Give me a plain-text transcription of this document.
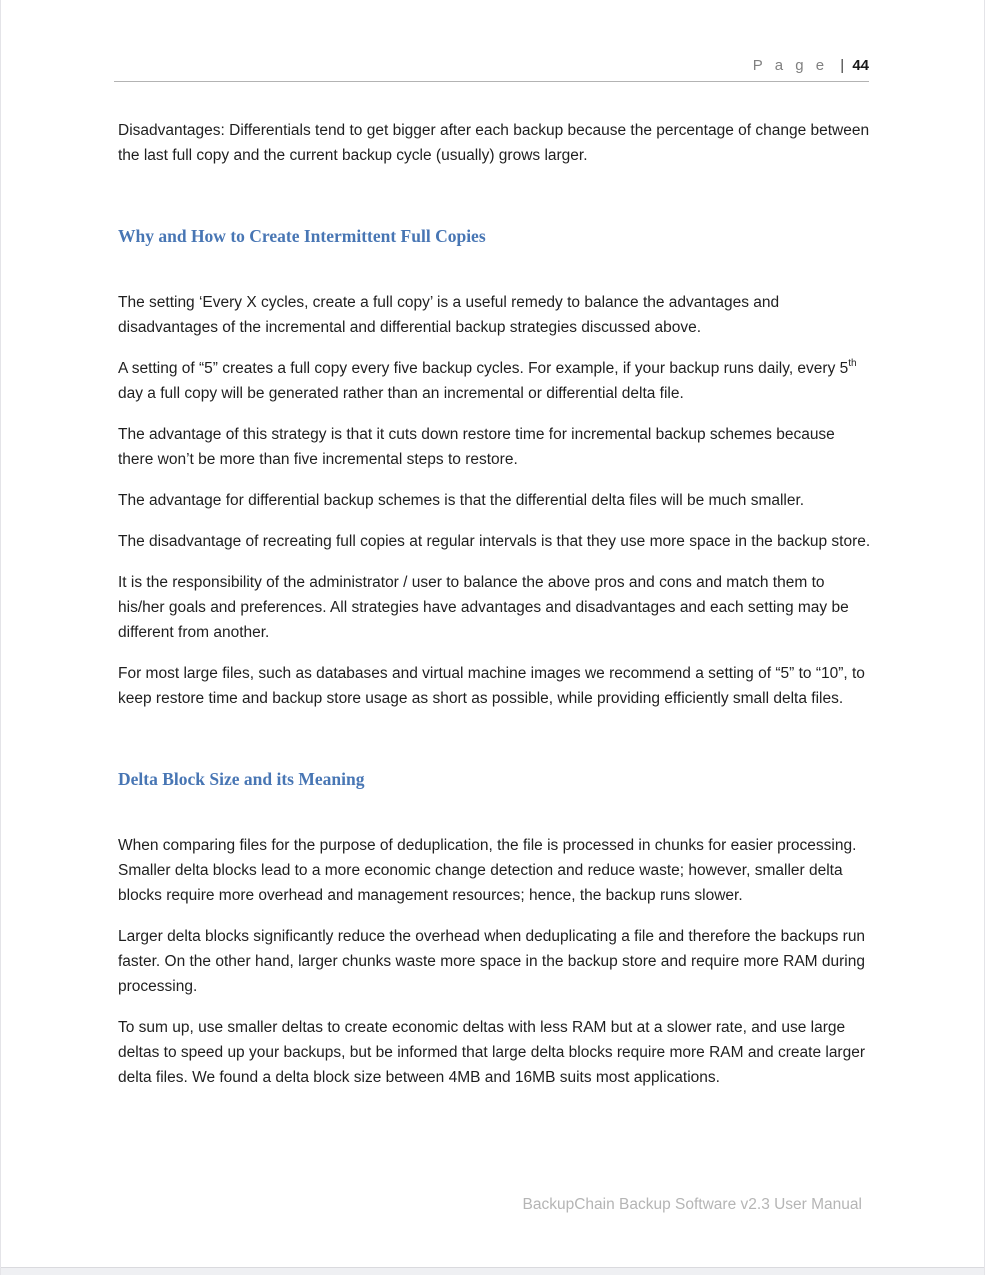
P a g e | 44

Disadvantages: Differentials tend to get bigger after each backup because the percentage of change between the last full copy and the current backup cycle (usually) grows larger.

Why and How to Create Intermittent Full Copies

The setting ‘Every X cycles, create a full copy’ is a useful remedy to balance the advantages and disadvantages of the incremental and differential backup strategies discussed above.

A setting of “5” creates a full copy every five backup cycles. For example, if your backup runs daily, every 5th day a full copy will be generated rather than an incremental or differential delta file.

The advantage of this strategy is that it cuts down restore time for incremental backup schemes because there won’t be more than five incremental steps to restore.

The advantage for differential backup schemes is that the differential delta files will be much smaller.

The disadvantage of recreating full copies at regular intervals is that they use more space in the backup store.

It is the responsibility of the administrator / user to balance the above pros and cons and match them to his/her goals and preferences. All strategies have advantages and disadvantages and each setting may be different from another.

For most large files, such as databases and virtual machine images we recommend a setting of “5” to “10”, to keep restore time and backup store usage as short as possible, while providing efficiently small delta files.

Delta Block Size and its Meaning

When comparing files for the purpose of deduplication, the file is processed in chunks for easier processing. Smaller delta blocks lead to a more economic change detection and reduce waste; however, smaller delta blocks require more overhead and management resources; hence, the backup runs slower.

Larger delta blocks significantly reduce the overhead when deduplicating a file and therefore the backups run faster. On the other hand, larger chunks waste more space in the backup store and require more RAM during processing.

To sum up, use smaller deltas to create economic deltas with less RAM but at a slower rate, and use large deltas to speed up your backups, but be informed that large delta blocks require more RAM and create larger delta files. We found a delta block size between 4MB and 16MB suits most applications.

BackupChain Backup Software v2.3 User Manual
